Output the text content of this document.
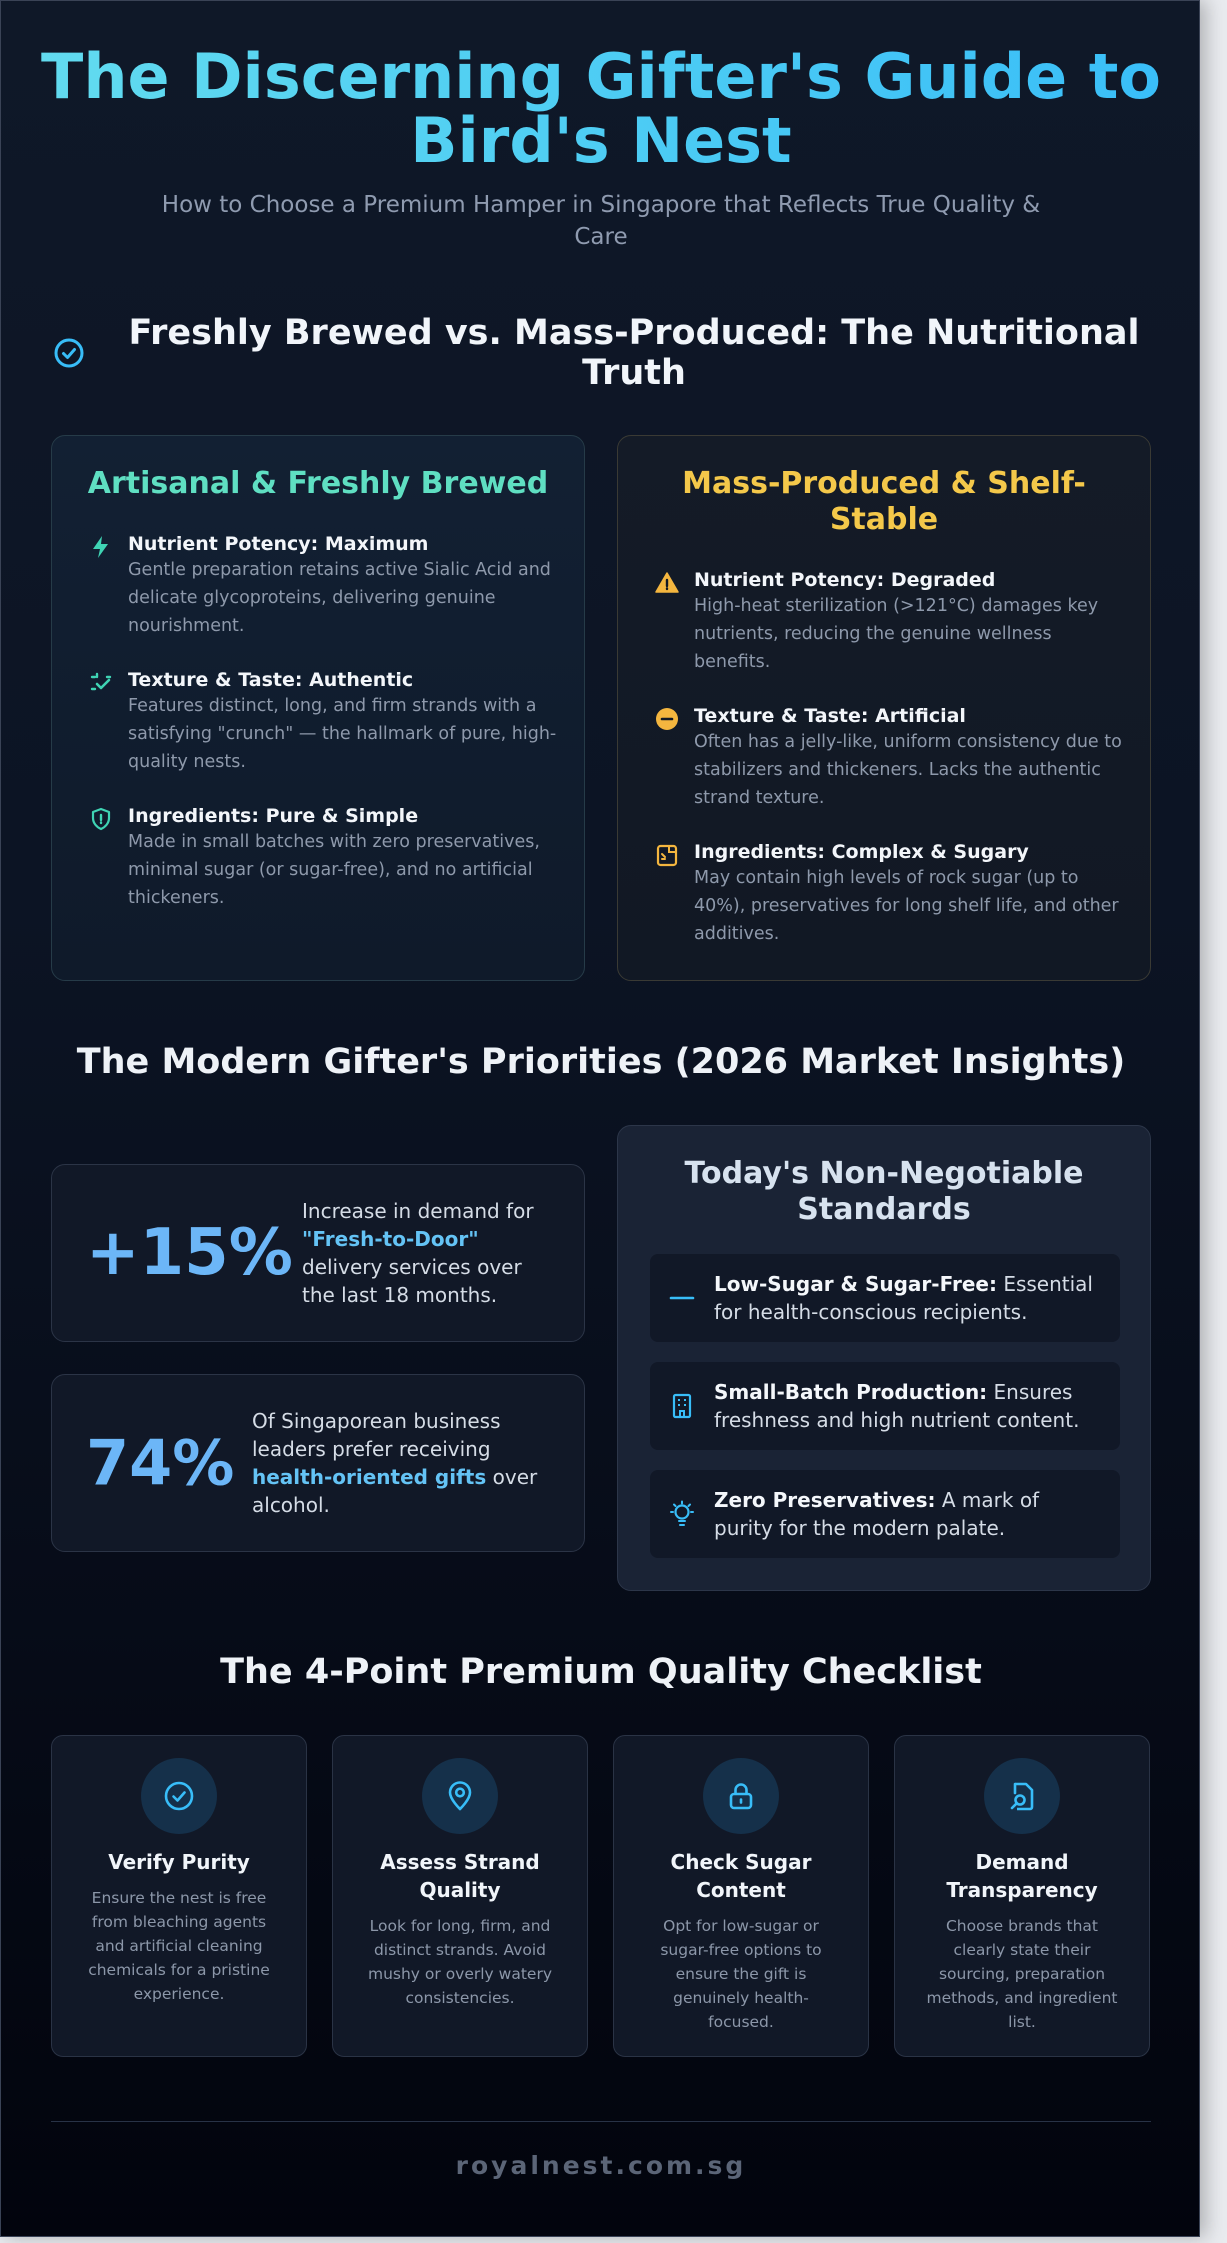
The Discerning Gifter's Guide to Bird's Nest

How to Choose a Premium Hamper in Singapore that Reflects True Quality & Care

Freshly Brewed vs. Mass-Produced: The Nutritional Truth
Artisanal & Freshly Brewed
Nutrient Potency: Maximum
Gentle preparation retains active Sialic Acid and delicate glycoproteins, delivering genuine nourishment.
Texture & Taste: Authentic
Features distinct, long, and firm strands with a satisfying "crunch" — the hallmark of pure, high-quality nests.
Ingredients: Pure & Simple
Made in small batches with zero preservatives, minimal sugar (or sugar-free), and no artificial thickeners.
Mass-Produced & Shelf-Stable
Nutrient Potency: Degraded
High-heat sterilization (>121°C) damages key nutrients, reducing the genuine wellness benefits.
Texture & Taste: Artificial
Often has a jelly-like, uniform consistency due to stabilizers and thickeners. Lacks the authentic strand texture.
Ingredients: Complex & Sugary
May contain high levels of rock sugar (up to 40%), preservatives for long shelf life, and other additives.
The Modern Gifter's Priorities (2026 Market Insights)
+15%
Increase in demand for "Fresh-to-Door" delivery services over the last 18 months.
74%
Of Singaporean business leaders prefer receiving health-oriented gifts over alcohol.
Today's Non-Negotiable Standards
Low-Sugar & Sugar-Free: Essential for health-conscious recipients.
Small-Batch Production: Ensures freshness and high nutrient content.
Zero Preservatives: A mark of purity for the modern palate.
The 4-Point Premium Quality Checklist
Verify Purity
Ensure the nest is free from bleaching agents and artificial cleaning chemicals for a pristine experience.
Assess Strand Quality
Look for long, firm, and distinct strands. Avoid mushy or overly watery consistencies.
Check Sugar Content
Opt for low-sugar or sugar-free options to ensure the gift is genuinely health-focused.
Demand Transparency
Choose brands that clearly state their sourcing, preparation methods, and ingredient list.
royalnest.com.sg
